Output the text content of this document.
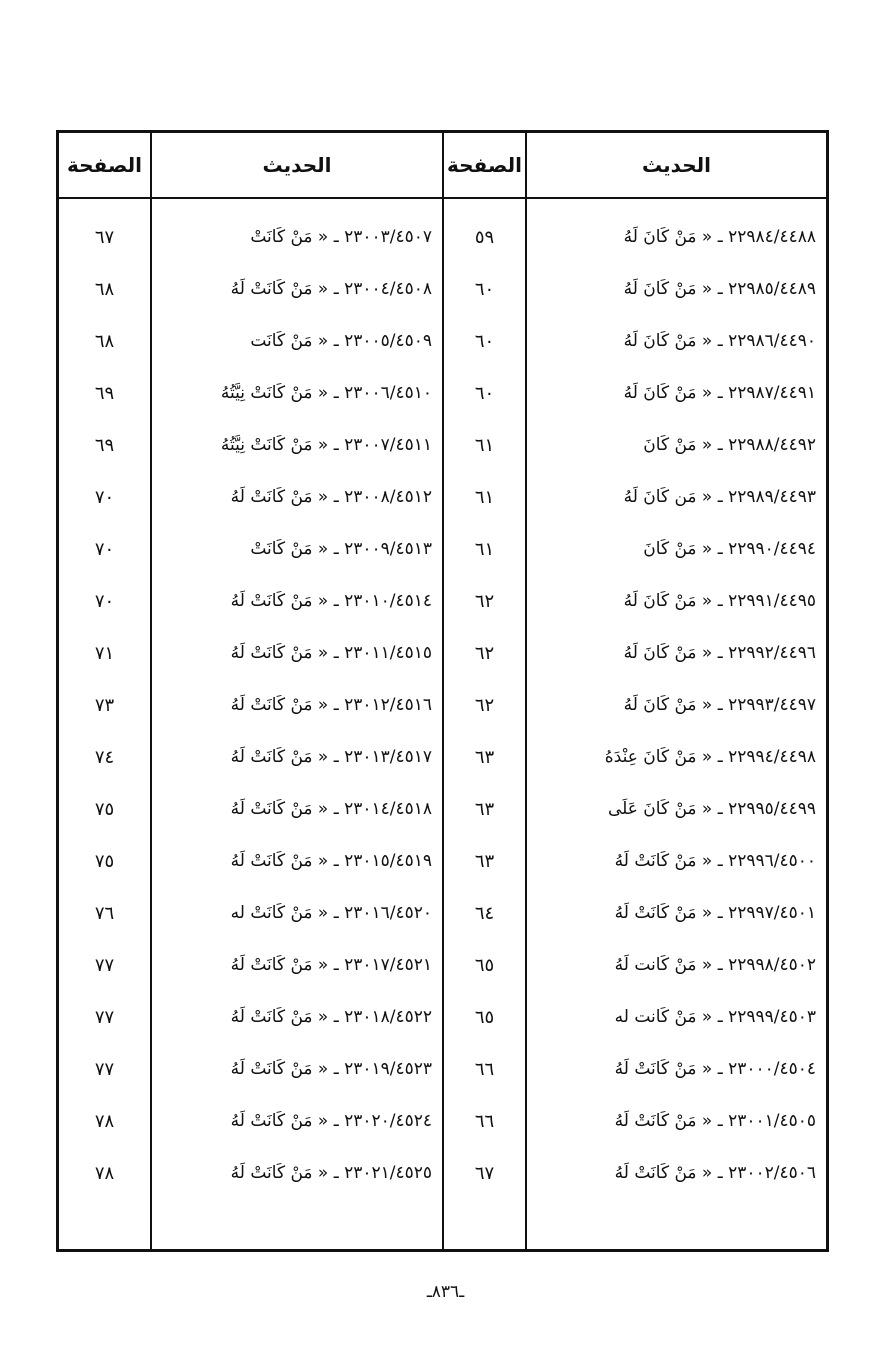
الحديث
الصفحة
الحديث
الصفحة
٢٢٩٨٤/٤٤٨٨ ـ « مَنْ كَانَ لَهُ
٥٩
٢٣٠٠٣/٤٥٠٧ ـ « مَنْ كَانَتْ
٦٧
٢٢٩٨٥/٤٤٨٩ ـ « مَنْ كَانَ لَهُ
٦٠
٢٣٠٠٤/٤٥٠٨ ـ « مَنْ كَانَتْ لَهُ
٦٨
٢٢٩٨٦/٤٤٩٠ ـ « مَنْ كَانَ لَهُ
٦٠
٢٣٠٠٥/٤٥٠٩ ـ « مَنْ كَانَت
٦٨
٢٢٩٨٧/٤٤٩١ ـ « مَنْ كَانَ لَهُ
٦٠
٢٣٠٠٦/٤٥١٠ ـ « مَنْ كَانَتْ نِيَّتُهُ
٦٩
٢٢٩٨٨/٤٤٩٢ ـ « مَنْ كَانَ
٦١
٢٣٠٠٧/٤٥١١ ـ « مَنْ كَانَتْ نِيَّتُهُ
٦٩
٢٢٩٨٩/٤٤٩٣ ـ « مَن كَانَ لَهُ
٦١
٢٣٠٠٨/٤٥١٢ ـ « مَنْ كَانَتْ لَهُ
٧٠
٢٢٩٩٠/٤٤٩٤ ـ « مَنْ كَانَ
٦١
٢٣٠٠٩/٤٥١٣ ـ « مَنْ كَانَتْ
٧٠
٢٢٩٩١/٤٤٩٥ ـ « مَنْ كَانَ لَهُ
٦٢
٢٣٠١٠/٤٥١٤ ـ « مَنْ كَانَتْ لَهُ
٧٠
٢٢٩٩٢/٤٤٩٦ ـ « مَنْ كَانَ لَهُ
٦٢
٢٣٠١١/٤٥١٥ ـ « مَنْ كَانَتْ لَهُ
٧١
٢٢٩٩٣/٤٤٩٧ ـ « مَنْ كَانَ لَهُ
٦٢
٢٣٠١٢/٤٥١٦ ـ « مَنْ كَانَتْ لَهُ
٧٣
٢٢٩٩٤/٤٤٩٨ ـ « مَنْ كَانَ عِنْدَهُ
٦٣
٢٣٠١٣/٤٥١٧ ـ « مَنْ كَانَتْ لَهُ
٧٤
٢٢٩٩٥/٤٤٩٩ ـ « مَنْ كَانَ عَلَى
٦٣
٢٣٠١٤/٤٥١٨ ـ « مَنْ كَانَتْ لَهُ
٧٥
٢٢٩٩٦/٤٥٠٠ ـ « مَنْ كَانَتْ لَهُ
٦٣
٢٣٠١٥/٤٥١٩ ـ « مَنْ كَانَتْ لَهُ
٧٥
٢٢٩٩٧/٤٥٠١ ـ « مَنْ كَانَتْ لَهُ
٦٤
٢٣٠١٦/٤٥٢٠ ـ « مَنْ كَانَتْ له
٧٦
٢٢٩٩٨/٤٥٠٢ ـ « مَنْ كَانت لَهُ
٦٥
٢٣٠١٧/٤٥٢١ ـ « مَنْ كَانَتْ لَهُ
٧٧
٢٢٩٩٩/٤٥٠٣ ـ « مَنْ كَانت له
٦٥
٢٣٠١٨/٤٥٢٢ ـ « مَنْ كَانَتْ لَهُ
٧٧
٢٣٠٠٠/٤٥٠٤ ـ « مَنْ كَانَتْ لَهُ
٦٦
٢٣٠١٩/٤٥٢٣ ـ « مَنْ كَانَتْ لَهُ
٧٧
٢٣٠٠١/٤٥٠٥ ـ « مَنْ كَانَتْ لَهُ
٦٦
٢٣٠٢٠/٤٥٢٤ ـ « مَنْ كَانَتْ لَهُ
٧٨
٢٣٠٠٢/٤٥٠٦ ـ « مَنْ كَانَتْ لَهُ
٦٧
٢٣٠٢١/٤٥٢٥ ـ « مَنْ كَانَتْ لَهُ
٧٨
ـ٨٣٦ـ
